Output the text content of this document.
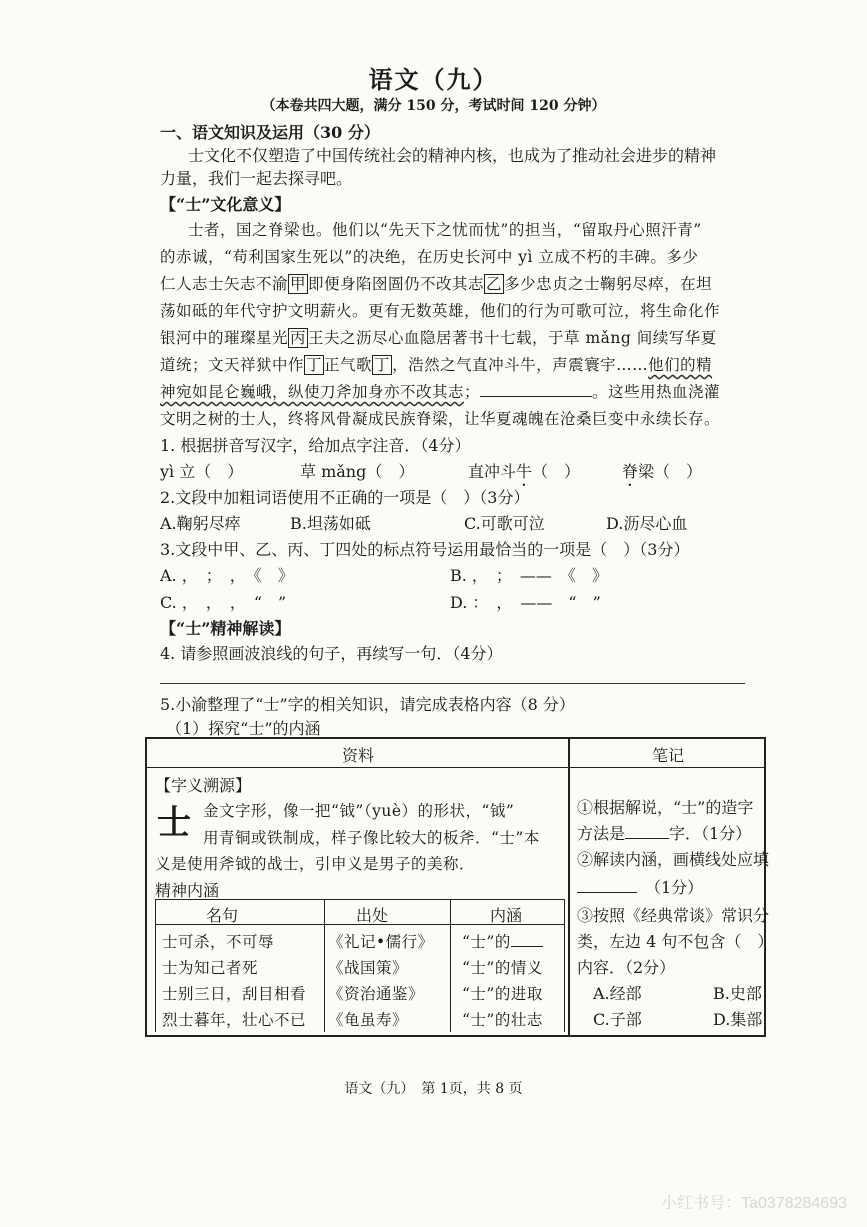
语文（九）
（本卷共四大题，满分 150 分，考试时间 120 分钟）
一、语文知识及运用（30 分）
士文化不仅塑造了中国传统社会的精神内核，也成为了推动社会进步的精神
力量，我们一起去探寻吧。
【“士”文化意义】
士者，国之脊梁也。他们以“先天下之忧而忧”的担当，“留取丹心照汗青”
的赤诚，“苟利国家生死以”的决绝，在历史长河中 yì 立成不朽的丰碑。多少
仁人志士矢志不渝 甲 即便身陷囹圄仍不改其志 乙 多少忠贞之士鞠躬尽瘁，在坦
荡如砥的年代守护文明薪火。更有无数英雄，他们的行为可歌可泣，将生命化作
银河中的璀璨星光 丙 王夫之沥尽心血隐居著书十七载，于草 mǎng 间续写华夏
道统；文天祥狱中作 丁 正气歌 丁 ，浩然之气直冲斗牛，声震寰宇……他们的精
神宛如昆仑巍峨，纵使刀斧加身亦不改其志；	。这些用热血浇灌
文明之树的士人，终将风骨凝成民族脊梁，让华夏魂魄在沧桑巨变中永续长存。
1. 根据拼音写汉字，给加点字注音．（4分）
yì 立（　）	草 mǎng（　）	直冲斗牛（　）	脊梁（　）
2.文段中加粗词语使用不正确的一项是（　）（3分）
A.鞠躬尽瘁	B.坦荡如砥	C.可歌可泣	D.沥尽心血
3.文段中甲、乙、丙、丁四处的标点符号运用最恰当的一项是（　）（3分）
A. ，　；　，　《　》	B. ，　；　——　《　》
C. ，　，　，　“　”	D. ：　，　——　“　”
【“士”精神解读】
4. 请参照画波浪线的句子，再续写一句．（4分）
5.小渝整理了“士”字的相关知识，请完成表格内容（8 分）
（1）探究“士”的内涵
资料	笔记
【字义溯源】
士 金文字形，像一把“钺”（yuè）的形状，“钺”
用青铜或铁制成，样子像比较大的板斧．“士”本
义是使用斧钺的战士，引申义是男子的美称．
精神内涵
名句	出处	内涵
士可杀，不可辱	《礼记•儒行》 “士”的
士为知己者死	《战国策》	“士”的情义
士别三日，刮目相看 《资治通鉴》 “士”的进取
烈士暮年，壮心不已 《龟虽寿》	“士”的壮志
①根据解说，“士”的造字
方法是	字．（1分）
②解读内涵，画横线处应填
 （1分）
③按照《经典常谈》常识分
类，左边 4 句不包含（　）
内容．（2分）
A.经部	B.史部
C.子部	D.集部
语文（九）　第 1页，共 8 页
小红书号：Ta0378284693
